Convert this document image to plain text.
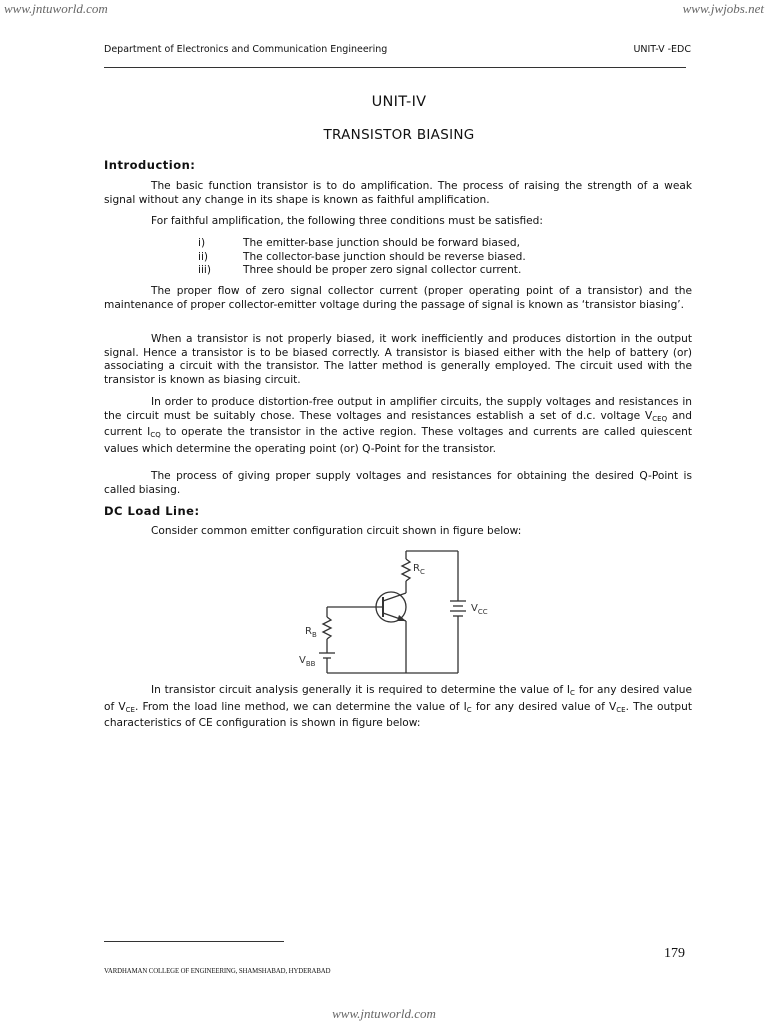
www.jntuworld.com	www.jwjobs.net
Department of Electronics and Communication Engineering	UNIT-V -EDC
UNIT-IV
TRANSISTOR BIASING
Introduction:

The basic function transistor is to do amplification. The process of raising the strength of a weak signal without any change in its shape is known as faithful amplification.

For faithful amplification, the following three conditions must be satisfied:

i)	The emitter-base junction should be forward biased,
ii)	The collector-base junction should be reverse biased.
iii)	Three should be proper zero signal collector current.

The proper flow of zero signal collector current (proper operating point of a transistor) and the maintenance of proper collector-emitter voltage during the passage of signal is known as ‘transistor biasing’.

When a transistor is not properly biased, it work inefficiently and produces distortion in the output signal. Hence a transistor is to be biased correctly. A transistor is biased either with the help of battery (or) associating a circuit with the transistor. The latter method is generally employed. The circuit used with the transistor is known as biasing circuit.

In order to produce distortion-free output in amplifier circuits, the supply voltages and resistances in the circuit must be suitably chose. These voltages and resistances establish a set of d.c. voltage $V_{CEQ}$ and current $I_{CQ}$ to operate the transistor in the active region. These voltages and currents are called quiescent values which determine the operating point (or) Q-Point for the transistor.

The process of giving proper supply voltages and resistances for obtaining the desired Q-Point is called biasing.

DC Load Line:

Consider common emitter configuration circuit shown in figure below:

$R_C$
$R_B$
$V_{CC}$
$V_{BB}$

In transistor circuit analysis generally it is required to determine the value of $I_C$ for any desired value of $V_{CE}$. From the load line method, we can determine the value of $I_C$ for any desired value of $V_{CE}$. The output characteristics of CE configuration is shown in figure below:

179
VARDHAMAN COLLEGE OF ENGINEERING, SHAMSHABAD, HYDERABAD
www.jntuworld.com
